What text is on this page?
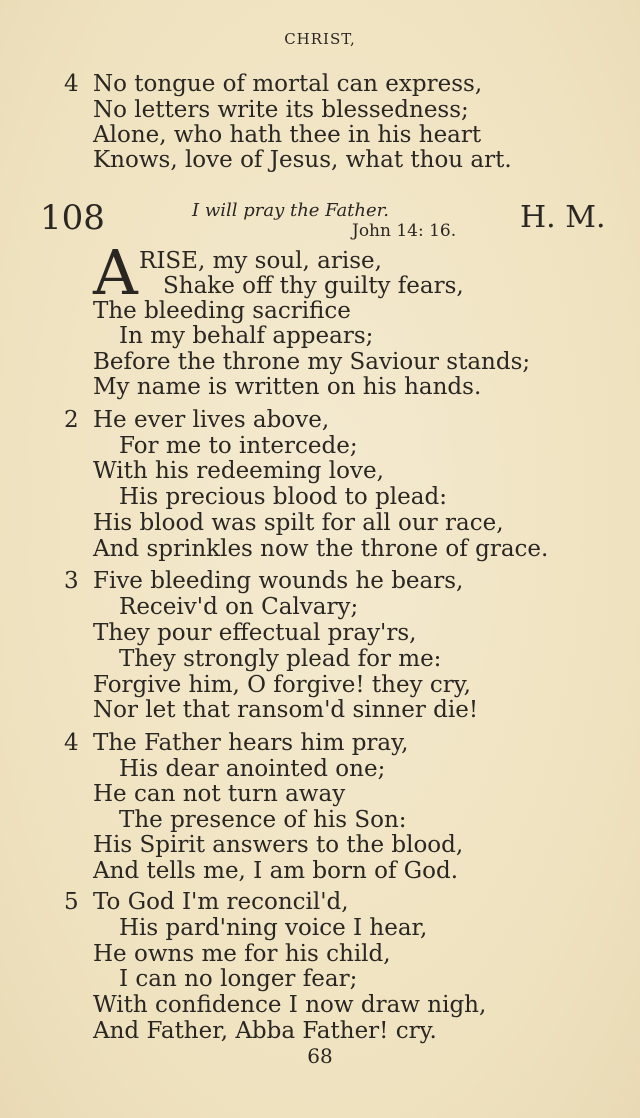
CHRIST,
4 No tongue of mortal can express,
No letters write its blessedness;
Alone, who hath thee in his heart
Knows, love of Jesus, what thou art.
108	I will pray the Father.
John 14: 16. H. M.
A RISE, my soul, arise,
Shake off thy guilty fears,
The bleeding sacrifice
In my behalf appears;
Before the throne my Saviour stands;
My name is written on his hands.
2 He ever lives above,
For me to intercede;
With his redeeming love,
His precious blood to plead:
His blood was spilt for all our race,
And sprinkles now the throne of grace.
3 Five bleeding wounds he bears,
Receiv'd on Calvary;
They pour effectual pray'rs,
They strongly plead for me:
Forgive him, O forgive! they cry,
Nor let that ransom'd sinner die!
4 The Father hears him pray,
His dear anointed one;
He can not turn away
The presence of his Son:
His Spirit answers to the blood,
And tells me, I am born of God.
5 To God I'm reconcil'd,
His pard'ning voice I hear,
He owns me for his child,
I can no longer fear;
With confidence I now draw nigh,
And Father, Abba Father! cry.
68
